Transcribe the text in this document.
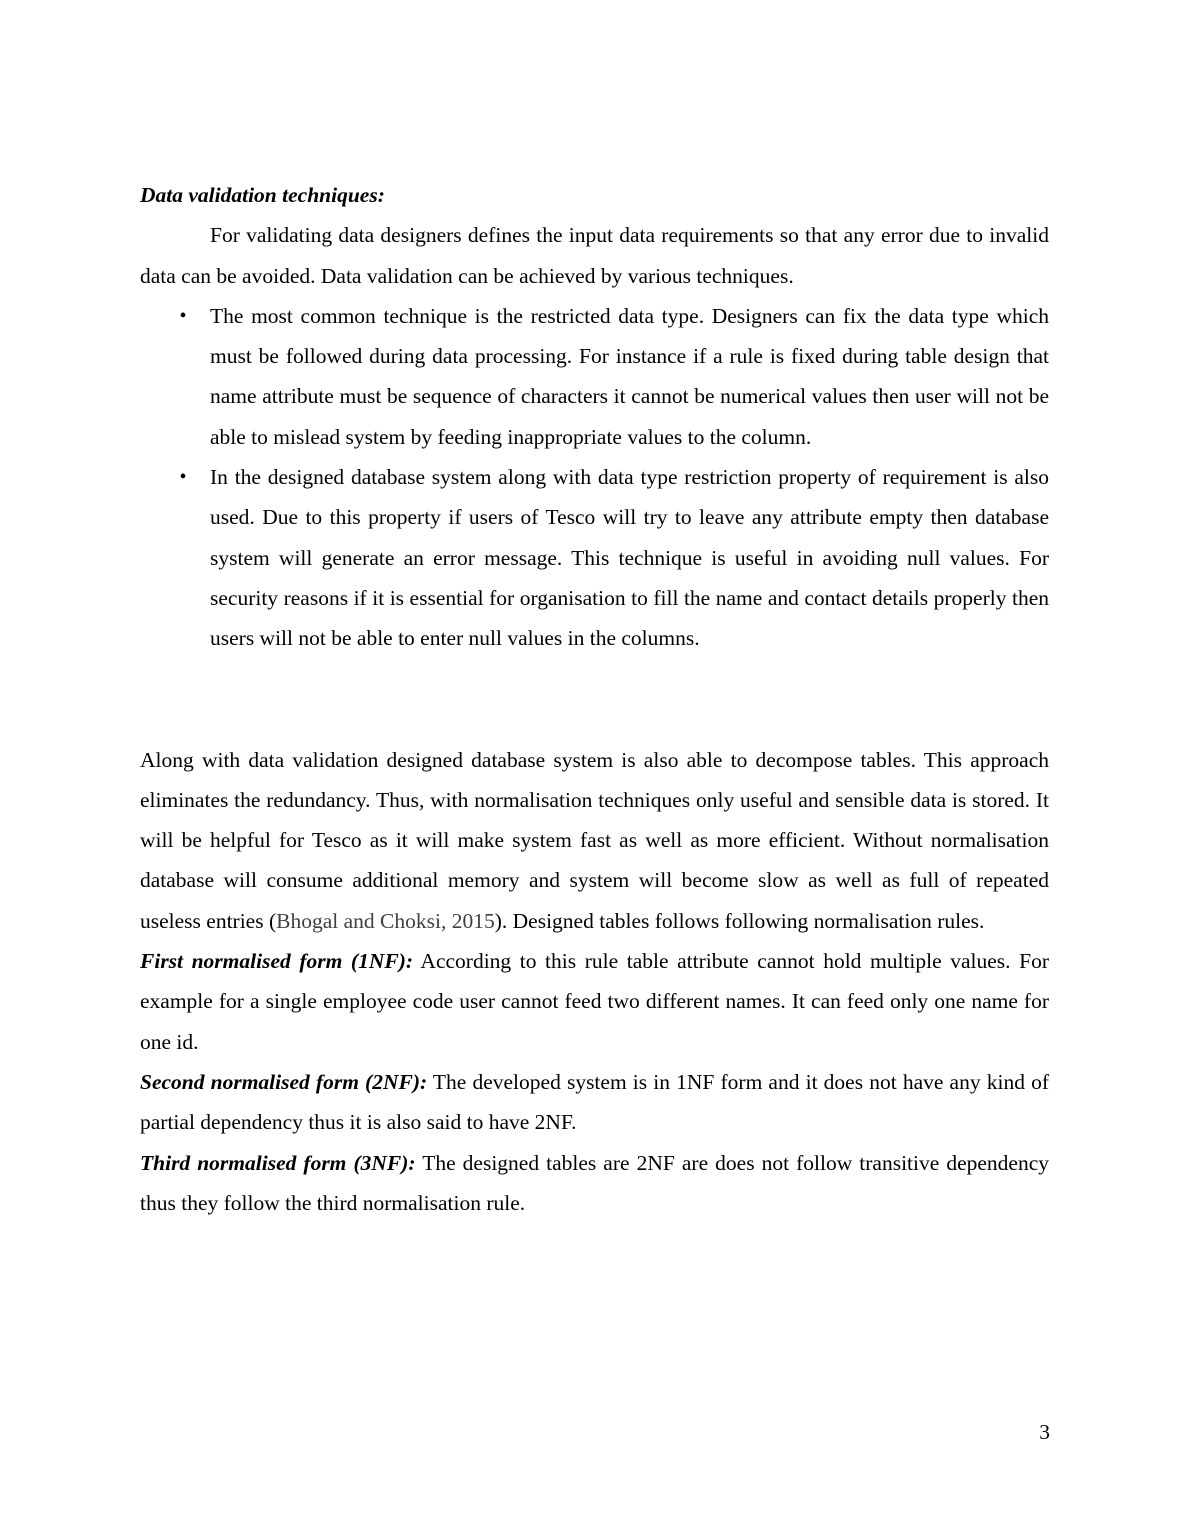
Data validation techniques:

For validating data designers defines the input data requirements so that any error due to invalid data can be avoided. Data validation can be achieved by various techniques.

•	The most common technique is the restricted data type. Designers can fix the data type which must be followed during data processing. For instance if a rule is fixed during table design that name attribute must be sequence of characters it cannot be numerical values then user will not be able to mislead system by feeding inappropriate values to the column.
•	In the designed database system along with data type restriction property of requirement is also used. Due to this property if users of Tesco will try to leave any attribute empty then database system will generate an error message. This technique is useful in avoiding null values. For security reasons if it is essential for organisation to fill the name and contact details properly then users will not be able to enter null values in the columns.

Along with data validation designed database system is also able to decompose tables. This approach eliminates the redundancy. Thus, with normalisation techniques only useful and sensible data is stored. It will be helpful for Tesco as it will make system fast as well as more efficient. Without normalisation database will consume additional memory and system will become slow as well as full of repeated useless entries (Bhogal and Choksi, 2015). Designed tables follows following normalisation rules.

First normalised form (1NF): According to this rule table attribute cannot hold multiple values. For example for a single employee code user cannot feed two different names. It can feed only one name for one id.

Second normalised form (2NF): The developed system is in 1NF form and it does not have any kind of partial dependency thus it is also said to have 2NF.

Third normalised form (3NF): The designed tables are 2NF are does not follow transitive dependency thus they follow the third normalisation rule.

3
